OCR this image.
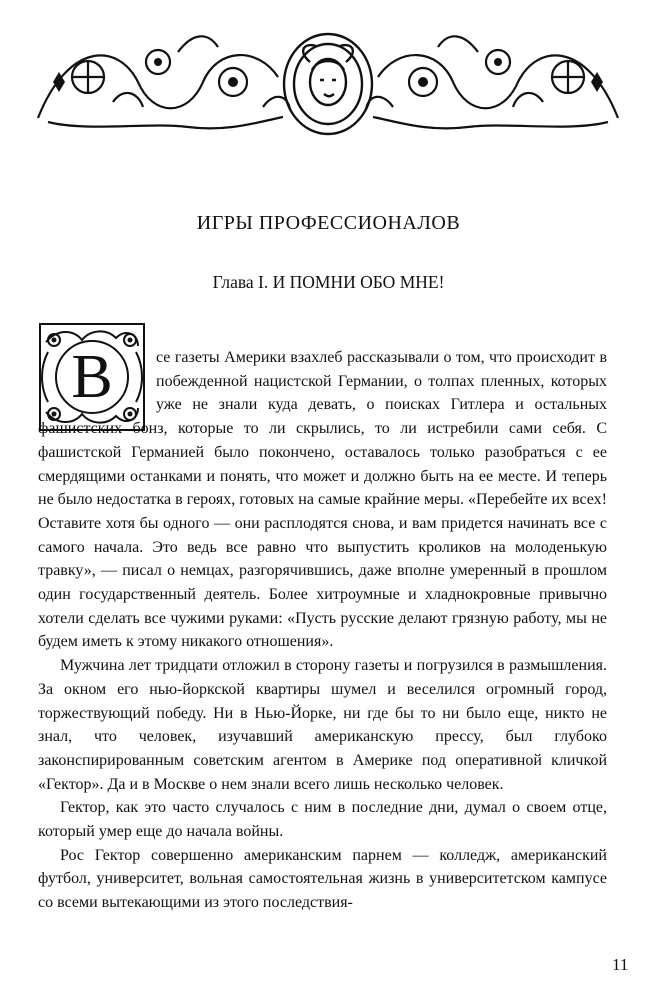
ИГРЫ ПРОФЕССИОНАЛОВ
Глава I. И ПОМНИ ОБО МНЕ!
В	се газеты Америки взахлеб рассказывали о том, что происходит в побежденной нацистской Германии, о толпах пленных, которых уже не знали куда девать, о поисках Гитлера и остальных фашистских бонз, которые то ли скрылись, то ли истребили сами себя. С фашистской Германией было покончено, оставалось только разобраться с ее смердящими останками и понять, что может и должно быть на ее месте. И теперь не было недостатка в героях, готовых на самые крайние меры. «Перебейте их всех! Оставите хотя бы одного — они расплодятся снова, и вам придется начинать все с самого начала. Это ведь все равно что выпустить кроликов на молоденькую травку», — писал о немцах, разгорячившись, даже вполне умеренный в прошлом один государственный деятель. Более хитроумные и хладнокровные привычно хотели сделать все чужими руками: «Пусть русские делают грязную работу, мы не будем иметь к этому никакого отношения».

Мужчина лет тридцати отложил в сторону газеты и погрузился в размышления. За окном его нью-йоркской квартиры шумел и веселился огромный город, торжествующий победу. Ни в Нью-Йорке, ни где бы то ни было еще, никто не знал, что человек, изучавший американскую прессу, был глубоко законспирированным советским агентом в Америке под оперативной кличкой «Гектор». Да и в Москве о нем знали всего лишь несколько человек.

Гектор, как это часто случалось с ним в последние дни, думал о своем отце, который умер еще до начала войны.

Рос Гектор совершенно американским парнем — колледж, американский футбол, университет, вольная самостоятельная жизнь в университетском кампусе со всеми вытекающими из этого последствия-

11
